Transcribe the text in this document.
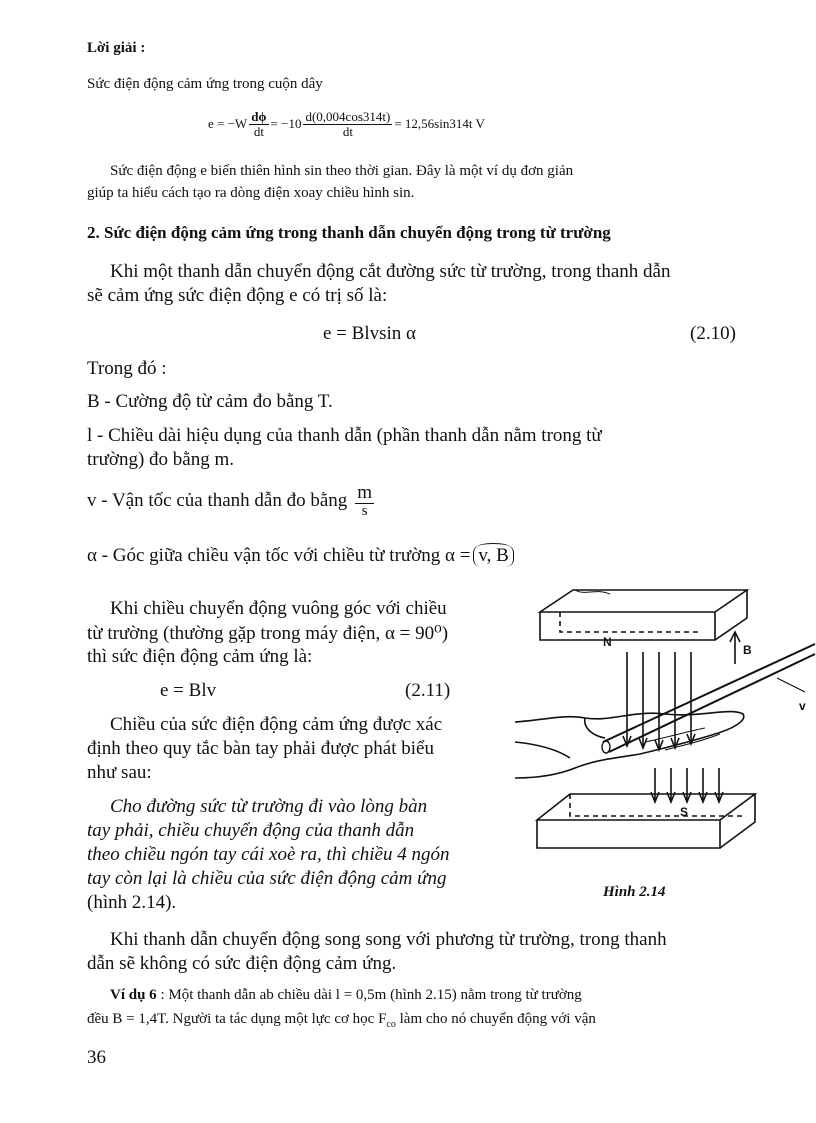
Lời giải :
Sức điện động cảm ứng trong cuộn dây
$e = -W \frac{d\phi}{dt} = -10 \frac{d(0,004\cos 314t)}{dt} = 12,56\sin 314t$ V
Sức điện động e biến thiên hình sin theo thời gian. Đây là một ví dụ đơn giản
giúp ta hiểu cách tạo ra dòng điện xoay chiều hình sin.
2. Sức điện động cảm ứng trong thanh dẫn chuyển động trong từ trường
Khi một thanh dẫn chuyển động cắt đường sức từ trường, trong thanh dẫn
sẽ cảm ứng sức điện động e có trị số là:
e = Blvsin α	(2.10)
Trong đó :
B - Cường độ từ cảm đo bằng T.
l - Chiều dài hiệu dụng của thanh dẫn (phần thanh dẫn nằm trong từ
trường) đo bằng m.
v - Vận tốc của thanh dẫn đo bằng $\frac{m}{s}$
α - Góc giữa chiều vận tốc với chiều từ trường α = v, B
Khi chiều chuyển động vuông góc với chiều
từ trường (thường gặp trong máy điện, α = 90⁰)
thì sức điện động cảm ứng là:
e = Blv	(2.11)
Chiều của sức điện động cảm ứng được xác
định theo quy tắc bàn tay phải được phát biểu
như sau:
Cho đường sức từ trường đi vào lòng bàn
tay phải, chiều chuyển động của thanh dẫn
theo chiều ngón tay cái xoè ra, thì chiều 4 ngón
tay còn lại là chiều của sức điện động cảm ứng
(hình 2.14).
N
B
v
S
Hình 2.14
Khi thanh dẫn chuyển động song song với phương từ trường, trong thanh
dẫn sẽ không có sức điện động cảm ứng.
Ví dụ 6 : Một thanh dẫn ab chiều dài l = 0,5m (hình 2.15) nằm trong từ trường
đều B = 1,4T. Người ta tác dụng một lực cơ học $F_{co}$ làm cho nó chuyển động với vận
36
